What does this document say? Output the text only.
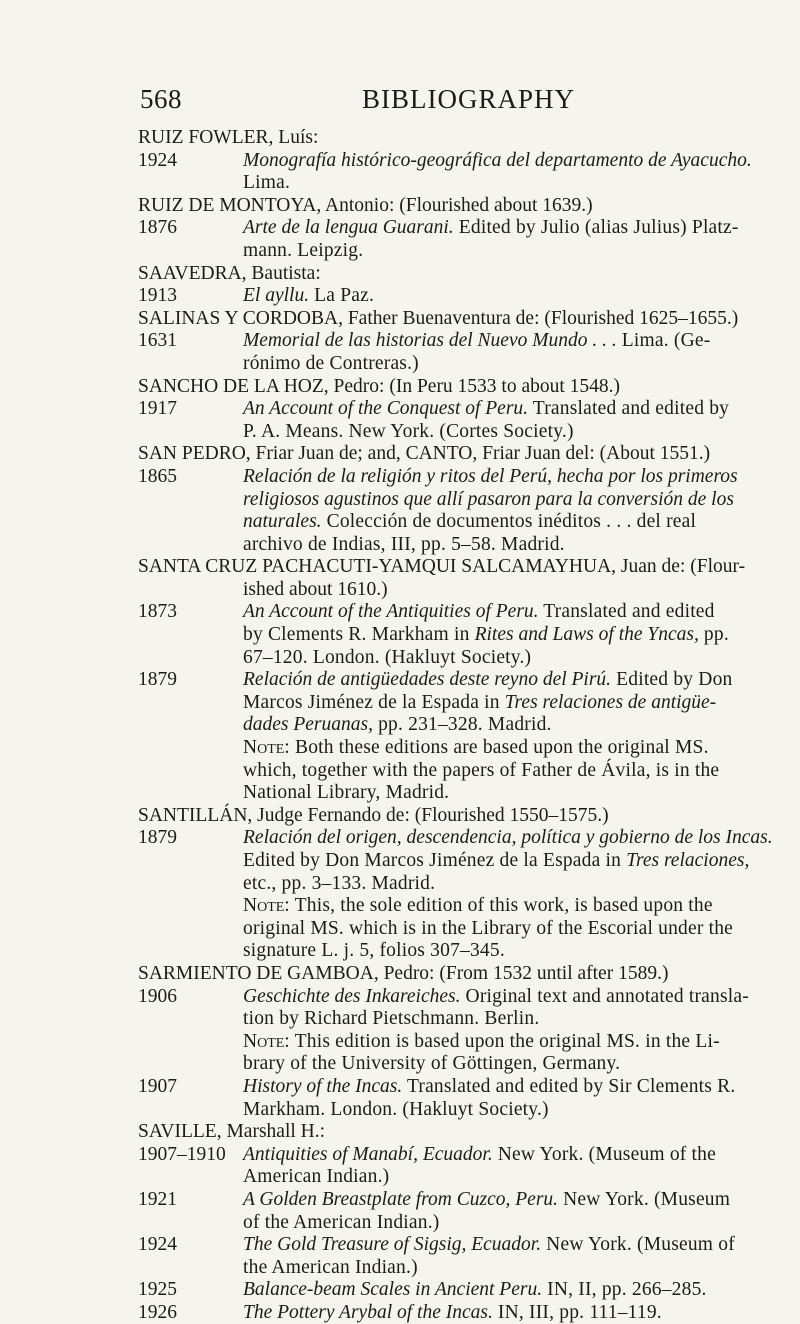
568	BIBLIOGRAPHY
RUIZ FOWLER, Luís:
1924	Monografía histórico-geográfica del departamento de Ayacucho.
Lima.
RUIZ DE MONTOYA, Antonio: (Flourished about 1639.)
1876	Arte de la lengua Guarani. Edited by Julio (alias Julius) Platz-
mann. Leipzig.
SAAVEDRA, Bautista:
1913	El ayllu. La Paz.
SALINAS Y CORDOBA, Father Buenaventura de: (Flourished 1625–1655.)
1631	Memorial de las historias del Nuevo Mundo . . . Lima. (Ge-
rónimo de Contreras.)
SANCHO DE LA HOZ, Pedro: (In Peru 1533 to about 1548.)
1917	An Account of the Conquest of Peru. Translated and edited by
P. A. Means. New York. (Cortes Society.)
SAN PEDRO, Friar Juan de; and, CANTO, Friar Juan del: (About 1551.)
1865	Relación de la religión y ritos del Perú, hecha por los primeros
religiosos agustinos que allí pasaron para la conversión de los
naturales. Colección de documentos inéditos . . . del real
archivo de Indias, III, pp. 5–58. Madrid.
SANTA CRUZ PACHACUTI-YAMQUI SALCAMAYHUA, Juan de: (Flour-
ished about 1610.)
1873	An Account of the Antiquities of Peru. Translated and edited
by Clements R. Markham in Rites and Laws of the Yncas, pp.
67–120. London. (Hakluyt Society.)
1879	Relación de antigüedades deste reyno del Pirú. Edited by Don
Marcos Jiménez de la Espada in Tres relaciones de antigüe-
dades Peruanas, pp. 231–328. Madrid.
Note: Both these editions are based upon the original MS.
which, together with the papers of Father de Ávila, is in the
National Library, Madrid.
SANTILLÁN, Judge Fernando de: (Flourished 1550–1575.)
1879	Relación del origen, descendencia, política y gobierno de los Incas.
Edited by Don Marcos Jiménez de la Espada in Tres relaciones,
etc., pp. 3–133. Madrid.
Note: This, the sole edition of this work, is based upon the
original MS. which is in the Library of the Escorial under the
signature L. j. 5, folios 307–345.
SARMIENTO DE GAMBOA, Pedro: (From 1532 until after 1589.)
1906	Geschichte des Inkareiches. Original text and annotated transla-
tion by Richard Pietschmann. Berlin.
Note: This edition is based upon the original MS. in the Li-
brary of the University of Göttingen, Germany.
1907	History of the Incas. Translated and edited by Sir Clements R.
Markham. London. (Hakluyt Society.)
SAVILLE, Marshall H.:
1907–1910 Antiquities of Manabí, Ecuador. New York. (Museum of the
American Indian.)
1921	A Golden Breastplate from Cuzco, Peru. New York. (Museum
of the American Indian.)
1924	The Gold Treasure of Sigsig, Ecuador. New York. (Museum of
the American Indian.)
1925	Balance-beam Scales in Ancient Peru. IN, II, pp. 266–285.
1926	The Pottery Arybal of the Incas. IN, III, pp. 111–119.
